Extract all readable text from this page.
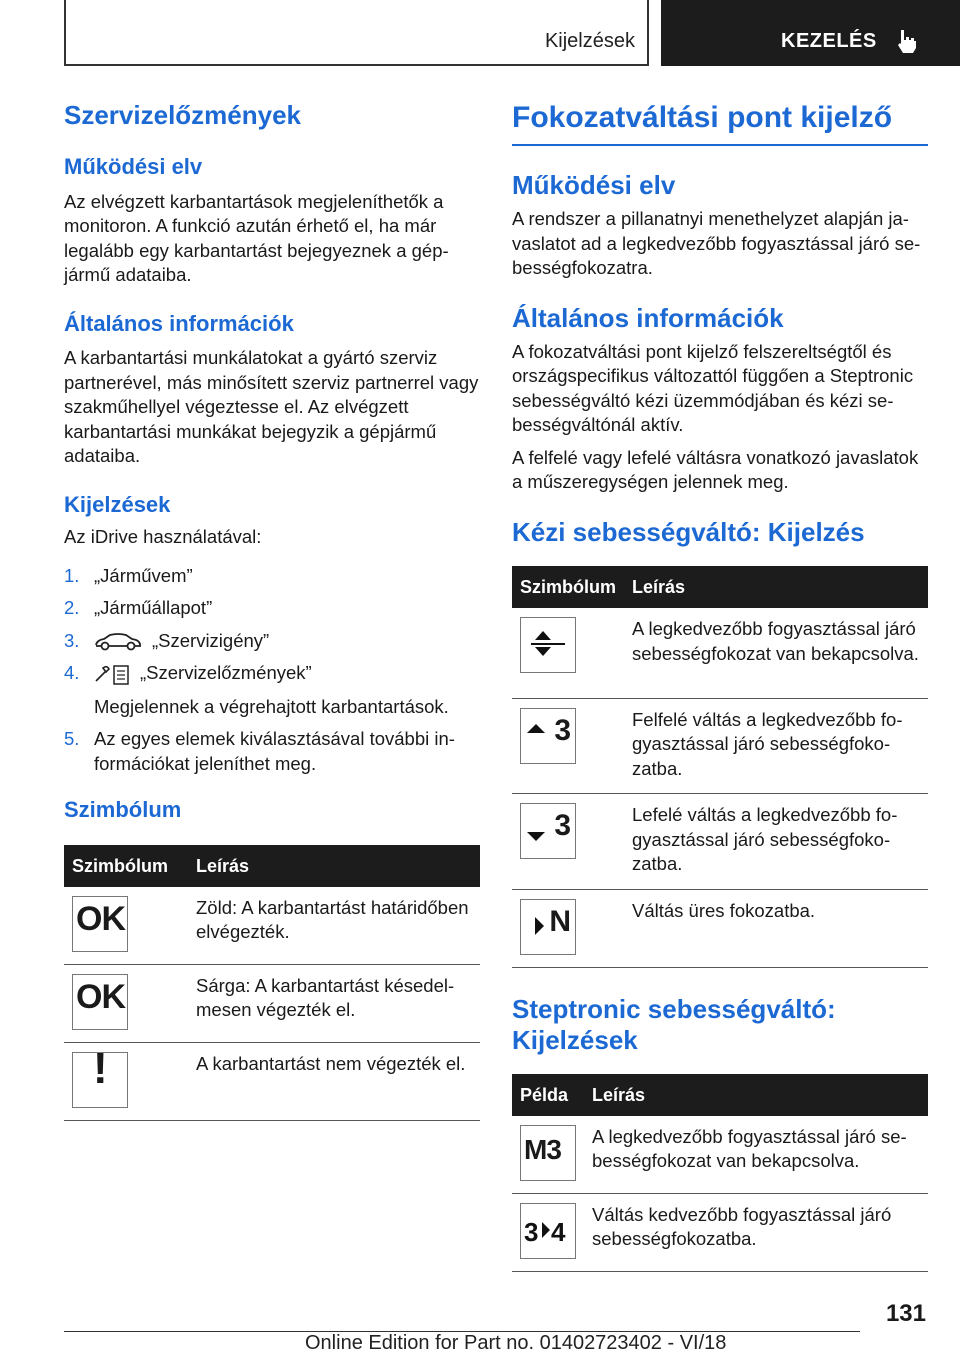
Kijelzések	KEZELÉS
Szervizelőzmények
Működési elv

Az elvégzett karbantartások megjeleníthetők a monitoron. A funkció azután érhető el, ha már legalább egy karbantartást bejegyeznek a gépjármű adataiba.

Általános információk

A karbantartási munkálatokat a gyártó szerviz partnerével, más minősített szerviz partnerrel vagy szakműhellyel végeztesse el. Az elvégzett karbantartási munkákat bejegyzik a gépjármű adataiba.

Kijelzések

Az iDrive használatával:

1. „Járművem”
2. „Járműállapot”
3.	„Szervizigény”
4.	„Szervizelőzmények”
Megjelennek a végrehajtott karbantartások.
5. Az egyes elemek kiválasztásával további információkat jeleníthet meg.
Szimbólum
Szimbólum	Leírás

OK	Zöld: A karbantartást határidőben elvégezték.

OK	Sárga: A karbantartást késedelmesen végezték el.

!	A karbantartást nem végezték el.
Fokozatváltási pont kijelző
Működési elv

A rendszer a pillanatnyi menethelyzet alapján javaslatot ad a legkedvezőbb fogyasztással járó sebességfokozatra.

Általános információk

A fokozatváltási pont kijelző felszereltségtől és országspecifikus változattól függően a Steptronic sebességváltó kézi üzemmódjában és kézi sebességváltónál aktív.

A felfelé vagy lefelé váltásra vonatkozó javaslatok a műszeregységen jelennek meg.

Kézi sebességváltó: Kijelzés
Szimbólum	Leírás

	A legkedvezőbb fogyasztással járó sebességfokozat van bekapcsolva.

3	Felfelé váltás a legkedvezőbb fogyasztással járó sebességfokozatba.

3	Lefelé váltás a legkedvezőbb fogyasztással járó sebességfokozatba.

N	Váltás üres fokozatba.
Steptronic sebességváltó: Kijelzések
Példa	Leírás

M3	A legkedvezőbb fogyasztással járó sebességfokozat van bekapcsolva.

3 4	Váltás kedvezőbb fogyasztással járó sebességfokozatba.
131
Online Edition for Part no. 01402723402 - VI/18
